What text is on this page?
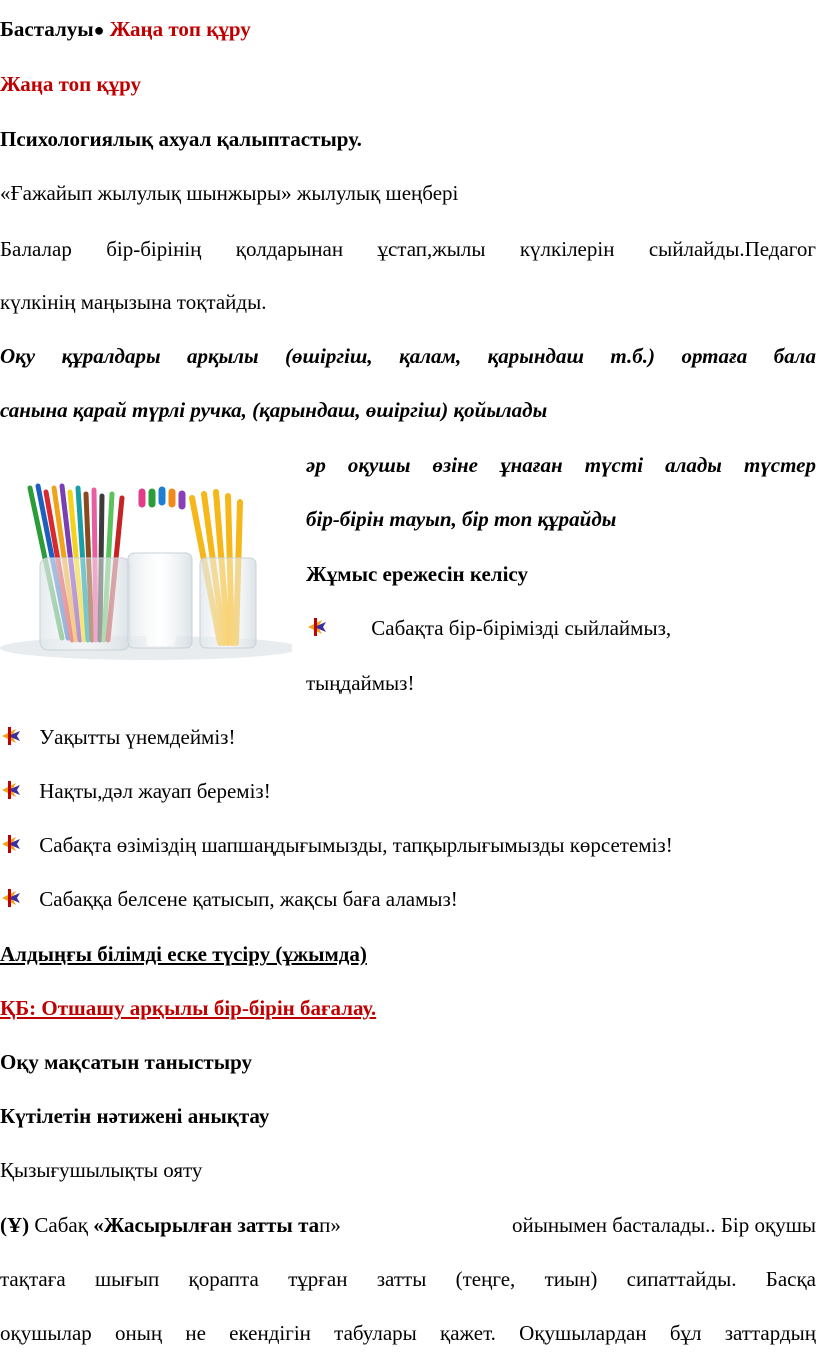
Басталуы● Жаңа топ құру
Жаңа топ құру
Психологиялық ахуал қалыптастыру.
«Ғажайып жылулық шынжыры» жылулық шеңбері
Балалар бір-бірінің қолдарынан ұстап,жылы күлкілерін сыйлайды.Педагог
күлкінің маңызына тоқтайды.
Оқу құралдары арқылы (өшіргіш, қалам, қарындаш т.б.) ортаға бала
санына қарай түрлі ручка, (қарындаш, өшіргіш) қойылады
әр оқушы өзіне ұнаған түсті алады түстер
бір-бірін тауып, бір топ құрайды
Жұмыс ережесін келісу
Сабақта бір-бірімізді сыйлаймыз,
тыңдаймыз!
Уақытты үнемдейміз!
Нақты,дәл жауап береміз!
Сабақта өзіміздің шапшаңдығымызды, тапқырлығымызды көрсетеміз!
Сабаққа белсене қатысып, жақсы баға аламыз!
Алдыңғы білімді еске түсіру (ұжымда)
ҚБ: Отшашу арқылы бір-бірін бағалау.
Оқу мақсатын таныстыру
Күтілетін нәтижені анықтау
Қызығушылықты ояту
(Ұ) Сабақ «Жасырылған затты тап»	ойынымен басталады.. Бір оқушы
тақтаға шығып қорапта тұрған затты (теңге, тиын) сипаттайды. Басқа
оқушылар оның не екендігін табулары қажет. Оқушылардан бұл заттардың
